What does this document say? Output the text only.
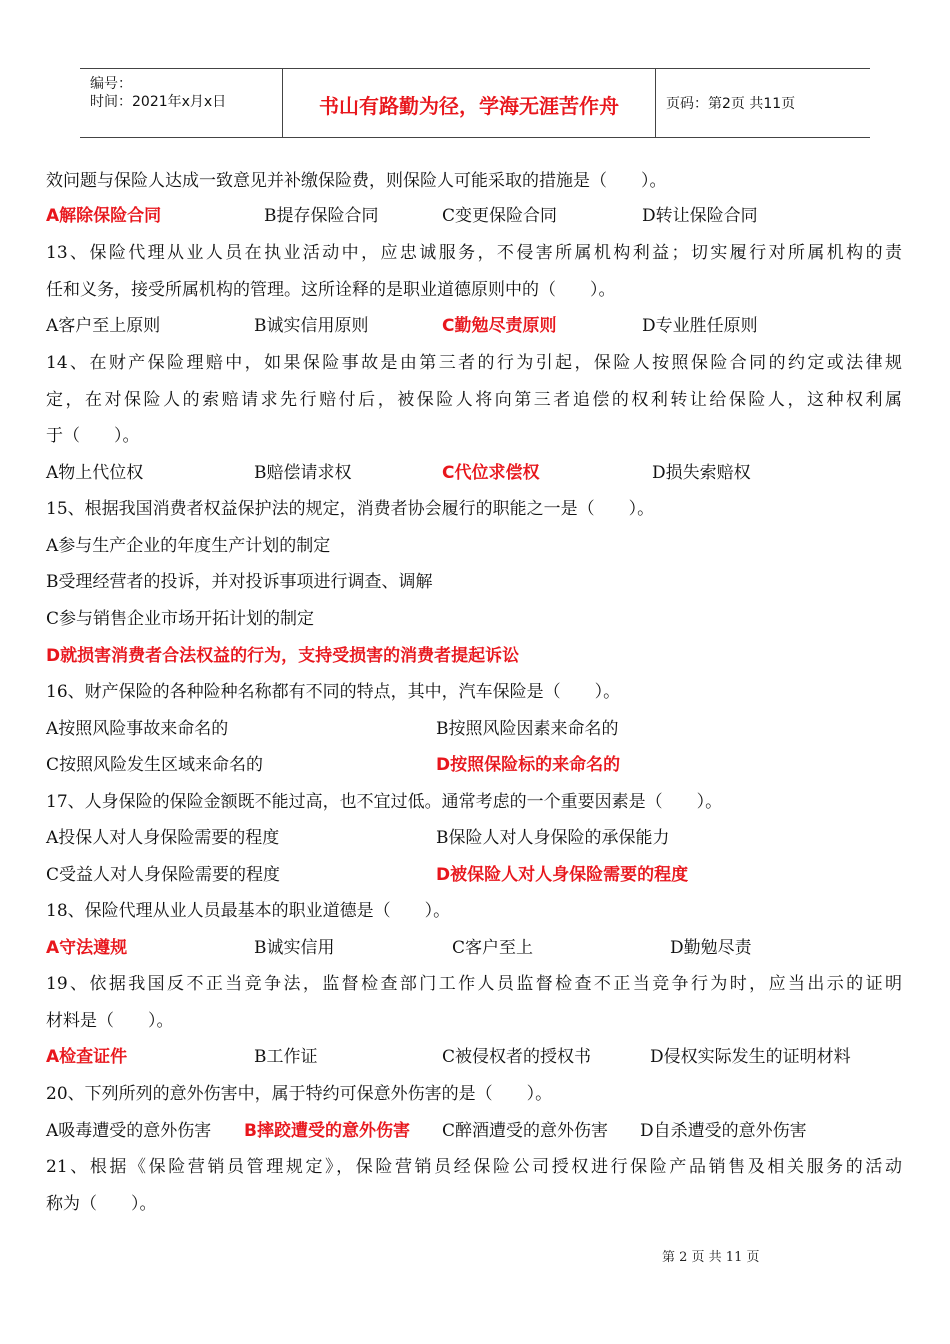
编号：
时间：2021年x月x日	书山有路勤为径，学海无涯苦作舟	页码：第2页 共11页
效问题与保险人达成一致意见并补缴保险费，则保险人可能采取的措施是（　　）。
A解除保险合同	B提存保险合同	C变更保险合同	D转让保险合同
13、保险代理从业人员在执业活动中，应忠诚服务，不侵害所属机构利益；切实履行对所属机构的责
任和义务，接受所属机构的管理。这所诠释的是职业道德原则中的（　　）。
A客户至上原则	B诚实信用原则	C勤勉尽责原则	D专业胜任原则
14、在财产保险理赔中，如果保险事故是由第三者的行为引起，保险人按照保险合同的约定或法律规
定，在对保险人的索赔请求先行赔付后，被保险人将向第三者追偿的权利转让给保险人，这种权利属
于（　　）。
A物上代位权	B赔偿请求权	C代位求偿权	D损失索赔权
15、根据我国消费者权益保护法的规定，消费者协会履行的职能之一是（　　）。
A参与生产企业的年度生产计划的制定
B受理经营者的投诉，并对投诉事项进行调查、调解
C参与销售企业市场开拓计划的制定
D就损害消费者合法权益的行为，支持受损害的消费者提起诉讼
16、财产保险的各种险种名称都有不同的特点，其中，汽车保险是（　　）。
A按照风险事故来命名的	B按照风险因素来命名的
C按照风险发生区域来命名的	D按照保险标的来命名的
17、人身保险的保险金额既不能过高，也不宜过低。通常考虑的一个重要因素是（　　）。
A投保人对人身保险需要的程度	B保险人对人身保险的承保能力
C受益人对人身保险需要的程度	D被保险人对人身保险需要的程度
18、保险代理从业人员最基本的职业道德是（　　）。
A守法遵规	B诚实信用	C客户至上	D勤勉尽责
19、依据我国反不正当竞争法，监督检查部门工作人员监督检查不正当竞争行为时，应当出示的证明
材料是（　　）。
A检查证件	B工作证	C被侵权者的授权书	D侵权实际发生的证明材料
20、下列所列的意外伤害中，属于特约可保意外伤害的是（　　）。
A吸毒遭受的意外伤害 B摔跤遭受的意外伤害 C醉酒遭受的意外伤害 D自杀遭受的意外伤害
21、根据《保险营销员管理规定》，保险营销员经保险公司授权进行保险产品销售及相关服务的活动
称为（　　）。
第 2 页 共 11 页
